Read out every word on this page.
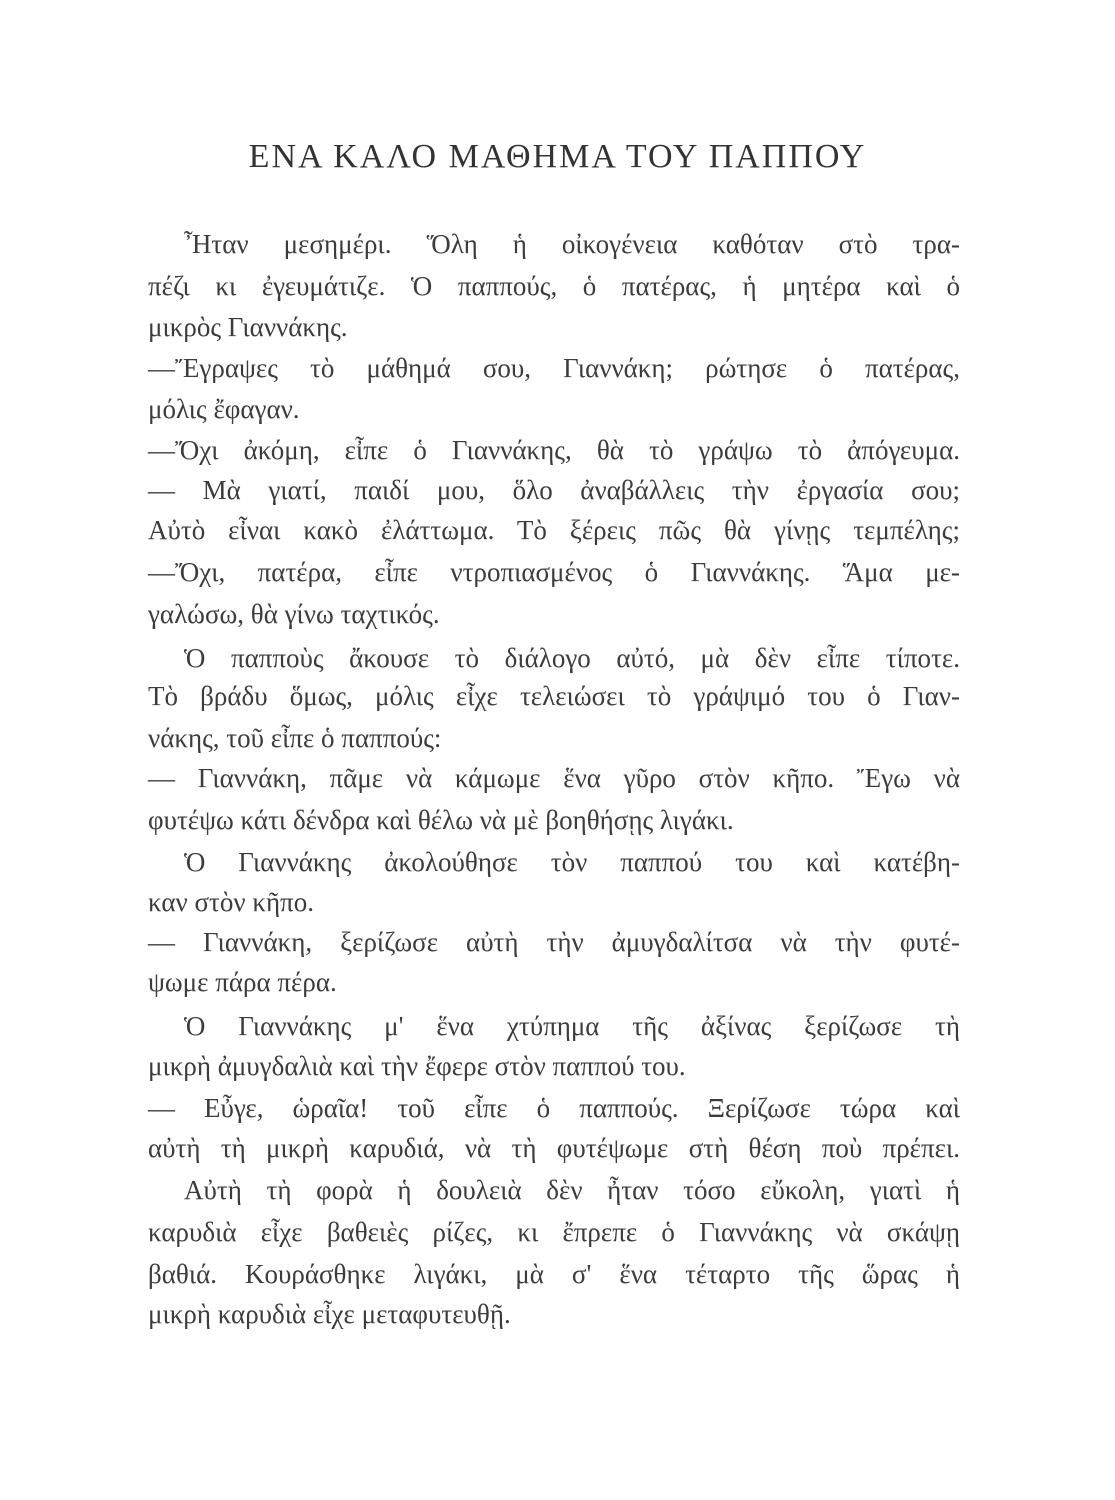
ΕΝΑ ΚΑΛΟ ΜΑΘΗΜΑ ΤΟΥ ΠΑΠΠΟΥ

Ἦταν μεσημέρι. Ὅλη ἡ οἰκογένεια καθόταν στὸ τρα-

πέζι κι ἐγευμάτιζε. Ὁ παππούς, ὁ πατέρας, ἡ μητέρα καὶ ὁ

μικρὸς Γιαννάκης.

—Ἔγραψες τὸ μάθημά σου, Γιαννάκη; ρώτησε ὁ πατέρας,

μόλις ἔφαγαν.

—Ὄχι ἀκόμη, εἶπε ὁ Γιαννάκης, θὰ τὸ γράψω τὸ ἀπόγευμα.

— Μὰ γιατί, παιδί μου, ὅλο ἀναβάλλεις τὴν ἐργασία σου;

Αὐτὸ εἶναι κακὸ ἐλάττωμα. Τὸ ξέρεις πῶς θὰ γίνῃς τεμπέλης;

—Ὄχι, πατέρα, εἶπε ντροπιασμένος ὁ Γιαννάκης. Ἅμα με-

γαλώσω, θὰ γίνω ταχτικός.

Ὁ παπποὺς ἄκουσε τὸ διάλογο αὐτό, μὰ δὲν εἶπε τίποτε.

Τὸ βράδυ ὅμως, μόλις εἶχε τελειώσει τὸ γράψιμό του ὁ Γιαν-

νάκης, τοῦ εἶπε ὁ παππούς:

— Γιαννάκη, πᾶμε νὰ κάμωμε ἕνα γῦρο στὸν κῆπο. Ἔγω νὰ

φυτέψω κάτι δένδρα καὶ θέλω νὰ μὲ βοηθήσῃς λιγάκι.

Ὁ Γιαννάκης ἀκολούθησε τὸν παππού του καὶ κατέβη-

καν στὸν κῆπο.

— Γιαννάκη, ξερίζωσε αὐτὴ τὴν ἀμυγδαλίτσα νὰ τὴν φυτέ-

ψωμε πάρα πέρα.

Ὁ Γιαννάκης μ' ἕνα χτύπημα τῆς ἀξίνας ξερίζωσε τὴ

μικρὴ ἀμυγδαλιὰ καὶ τὴν ἔφερε στὸν παππού του.

— Εὖγε, ὡραῖα! τοῦ εἶπε ὁ παππούς. Ξερίζωσε τώρα καὶ

αὐτὴ τὴ μικρὴ καρυδιά, νὰ τὴ φυτέψωμε στὴ θέση ποὺ πρέπει.

Αὐτὴ τὴ φορὰ ἡ δουλειὰ δὲν ἦταν τόσο εὔκολη, γιατὶ ἡ

καρυδιὰ εἶχε βαθειὲς ρίζες, κι ἔπρεπε ὁ Γιαννάκης νὰ σκάψῃ

βαθιά. Κουράσθηκε λιγάκι, μὰ σ' ἕνα τέταρτο τῆς ὥρας ἡ

μικρὴ καρυδιὰ εἶχε μεταφυτευθῇ.
